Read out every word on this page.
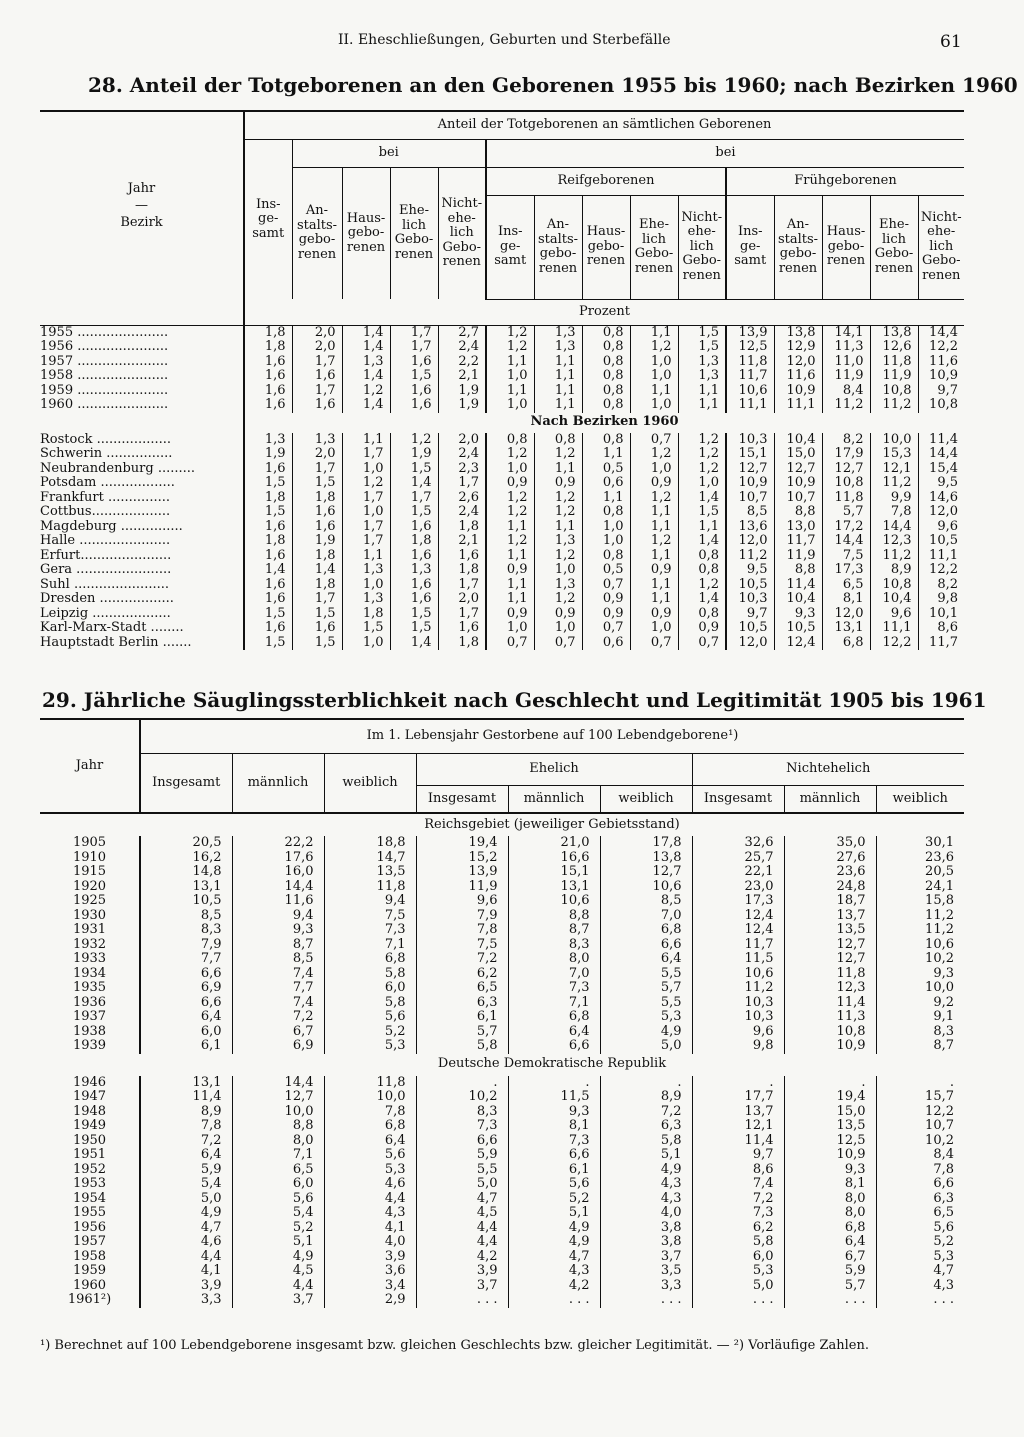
II. Eheschließungen, Geburten und Sterbefälle	61
28. Anteil der Totgeborenen an den Geborenen 1955 bis 1960; nach Bezirken 1960
Jahr
—
Bezirk	Anteil der Totgeborenen an sämtlichen Geborenen														
	Ins-
ge-
samt	bei				bei									
		An-
stalts-
gebo-
renen	Haus-
gebo-
renen	Ehe-
lich
Gebo-
renen	Nicht-
ehe-
lich
Gebo-
renen	Reifgeborenen					Frühgeborenen				
						Ins-
ge-
samt	An-
stalts-
gebo-
renen	Haus-
gebo-
renen	Ehe-
lich
Gebo-
renen	Nicht-
ehe-
lich
Gebo-
renen	Ins-
ge-
samt	An-
stalts-
gebo-
renen	Haus-
gebo-
renen	Ehe-
lich
Gebo-
renen	Nicht-
ehe-
lich
Gebo-
renen
	Prozent														
1955 ......................	1,8	2,0	1,4	1,7	2,7	1,2	1,3	0,8	1,1	1,5	13,9	13,8	14,1	13,8	14,4
1956 ......................	1,8	2,0	1,4	1,7	2,4	1,2	1,3	0,8	1,2	1,5	12,5	12,9	11,3	12,6	12,2
1957 ......................	1,6	1,7	1,3	1,6	2,2	1,1	1,1	0,8	1,0	1,3	11,8	12,0	11,0	11,8	11,6
1958 ......................	1,6	1,6	1,4	1,5	2,1	1,0	1,1	0,8	1,0	1,3	11,7	11,6	11,9	11,9	10,9
1959 ......................	1,6	1,7	1,2	1,6	1,9	1,1	1,1	0,8	1,1	1,1	10,6	10,9	8,4	10,8	9,7
1960 ......................	1,6	1,6	1,4	1,6	1,9	1,0	1,1	0,8	1,0	1,1	11,1	11,1	11,2	11,2	10,8
	Nach Bezirken 1960														
Rostock ..................	1,3	1,3	1,1	1,2	2,0	0,8	0,8	0,8	0,7	1,2	10,3	10,4	8,2	10,0	11,4
Schwerin ................	1,9	2,0	1,7	1,9	2,4	1,2	1,2	1,1	1,2	1,2	15,1	15,0	17,9	15,3	14,4
Neubrandenburg .........	1,6	1,7	1,0	1,5	2,3	1,0	1,1	0,5	1,0	1,2	12,7	12,7	12,7	12,1	15,4
Potsdam ..................	1,5	1,5	1,2	1,4	1,7	0,9	0,9	0,6	0,9	1,0	10,9	10,9	10,8	11,2	9,5
Frankfurt ...............	1,8	1,8	1,7	1,7	2,6	1,2	1,2	1,1	1,2	1,4	10,7	10,7	11,8	9,9	14,6
Cottbus...................	1,5	1,6	1,0	1,5	2,4	1,2	1,2	0,8	1,1	1,5	8,5	8,8	5,7	7,8	12,0
Magdeburg ...............	1,6	1,6	1,7	1,6	1,8	1,1	1,1	1,0	1,1	1,1	13,6	13,0	17,2	14,4	9,6
Halle ......................	1,8	1,9	1,7	1,8	2,1	1,2	1,3	1,0	1,2	1,4	12,0	11,7	14,4	12,3	10,5
Erfurt......................	1,6	1,8	1,1	1,6	1,6	1,1	1,2	0,8	1,1	0,8	11,2	11,9	7,5	11,2	11,1
Gera .......................	1,4	1,4	1,3	1,3	1,8	0,9	1,0	0,5	0,9	0,8	9,5	8,8	17,3	8,9	12,2
Suhl .......................	1,6	1,8	1,0	1,6	1,7	1,1	1,3	0,7	1,1	1,2	10,5	11,4	6,5	10,8	8,2
Dresden ..................	1,6	1,7	1,3	1,6	2,0	1,1	1,2	0,9	1,1	1,4	10,3	10,4	8,1	10,4	9,8
Leipzig ...................	1,5	1,5	1,8	1,5	1,7	0,9	0,9	0,9	0,9	0,8	9,7	9,3	12,0	9,6	10,1
Karl-Marx-Stadt ........	1,6	1,6	1,5	1,5	1,6	1,0	1,0	0,7	1,0	0,9	10,5	10,5	13,1	11,1	8,6
Hauptstadt Berlin .......	1,5	1,5	1,0	1,4	1,8	0,7	0,7	0,6	0,7	0,7	12,0	12,4	6,8	12,2	11,7
29. Jährliche Säuglingssterblichkeit nach Geschlecht und Legitimität 1905 bis 1961
Jahr	Im 1. Lebensjahr Gestorbene auf 100 Lebendgeborene¹)								
	Insgesamt	männlich	weiblich	Ehelich			Nichtehelich		
				Insgesamt	männlich	weiblich	Insgesamt	männlich	weiblich
	Reichsgebiet (jeweiliger Gebietsstand)								
1905	20,5	22,2	18,8	19,4	21,0	17,8	32,6	35,0	30,1
1910	16,2	17,6	14,7	15,2	16,6	13,8	25,7	27,6	23,6
1915	14,8	16,0	13,5	13,9	15,1	12,7	22,1	23,6	20,5
1920	13,1	14,4	11,8	11,9	13,1	10,6	23,0	24,8	24,1
1925	10,5	11,6	9,4	9,6	10,6	8,5	17,3	18,7	15,8
1930	8,5	9,4	7,5	7,9	8,8	7,0	12,4	13,7	11,2
1931	8,3	9,3	7,3	7,8	8,7	6,8	12,4	13,5	11,2
1932	7,9	8,7	7,1	7,5	8,3	6,6	11,7	12,7	10,6
1933	7,7	8,5	6,8	7,2	8,0	6,4	11,5	12,7	10,2
1934	6,6	7,4	5,8	6,2	7,0	5,5	10,6	11,8	9,3
1935	6,9	7,7	6,0	6,5	7,3	5,7	11,2	12,3	10,0
1936	6,6	7,4	5,8	6,3	7,1	5,5	10,3	11,4	9,2
1937	6,4	7,2	5,6	6,1	6,8	5,3	10,3	11,3	9,1
1938	6,0	6,7	5,2	5,7	6,4	4,9	9,6	10,8	8,3
1939	6,1	6,9	5,3	5,8	6,6	5,0	9,8	10,9	8,7
	Deutsche Demokratische Republik								
1946	13,1	14,4	11,8	.	.	.	.	.	.
1947	11,4	12,7	10,0	10,2	11,5	8,9	17,7	19,4	15,7
1948	8,9	10,0	7,8	8,3	9,3	7,2	13,7	15,0	12,2
1949	7,8	8,8	6,8	7,3	8,1	6,3	12,1	13,5	10,7
1950	7,2	8,0	6,4	6,6	7,3	5,8	11,4	12,5	10,2
1951	6,4	7,1	5,6	5,9	6,6	5,1	9,7	10,9	8,4
1952	5,9	6,5	5,3	5,5	6,1	4,9	8,6	9,3	7,8
1953	5,4	6,0	4,6	5,0	5,6	4,3	7,4	8,1	6,6
1954	5,0	5,6	4,4	4,7	5,2	4,3	7,2	8,0	6,3
1955	4,9	5,4	4,3	4,5	5,1	4,0	7,3	8,0	6,5
1956	4,7	5,2	4,1	4,4	4,9	3,8	6,2	6,8	5,6
1957	4,6	5,1	4,0	4,4	4,9	3,8	5,8	6,4	5,2
1958	4,4	4,9	3,9	4,2	4,7	3,7	6,0	6,7	5,3
1959	4,1	4,5	3,6	3,9	4,3	3,5	5,3	5,9	4,7
1960	3,9	4,4	3,4	3,7	4,2	3,3	5,0	5,7	4,3
1961²)	3,3	3,7	2,9	. . .	. . .	. . .	. . .	. . .	. . .
¹) Berechnet auf 100 Lebendgeborene insgesamt bzw. gleichen Geschlechts bzw. gleicher Legitimität. — ²) Vorläufige Zahlen.
